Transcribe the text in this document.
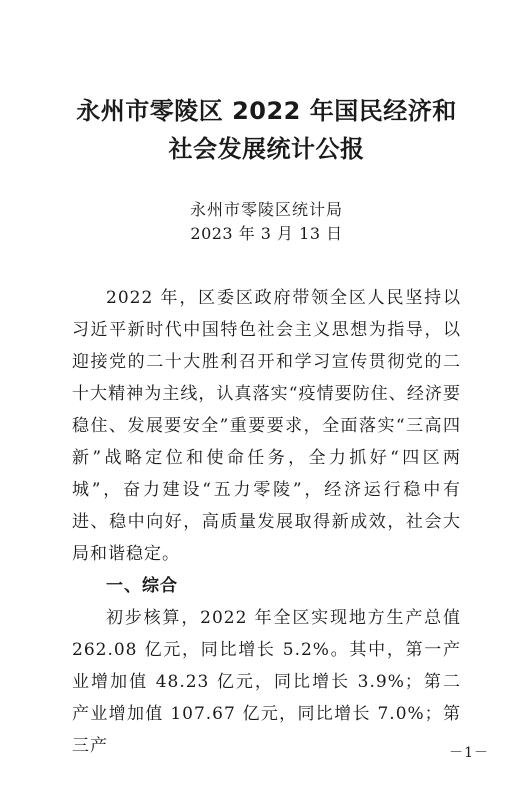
永州市零陵区 2022 年国民经济和
社会发展统计公报
永州市零陵区统计局
2023 年 3 月 13 日

2022 年，区委区政府带领全区人民坚持以习近平新时代中国特色社会主义思想为指导，以迎接党的二十大胜利召开和学习宣传贯彻党的二十大精神为主线，认真落实“疫情要防住、经济要稳住、发展要安全”重要要求，全面落实“三高四新”战略定位和使命任务，全力抓好“四区两城”，奋力建设“五力零陵”，经济运行稳中有进、稳中向好，高质量发展取得新成效，社会大局和谐稳定。

一、综合

初步核算，2022 年全区实现地方生产总值 262.08 亿元，同比增长 5.2%。其中，第一产业增加值 48.23 亿元，同比增长 3.9%；第二产业增加值 107.67 亿元，同比增长 7.0%；第三产	－1－
